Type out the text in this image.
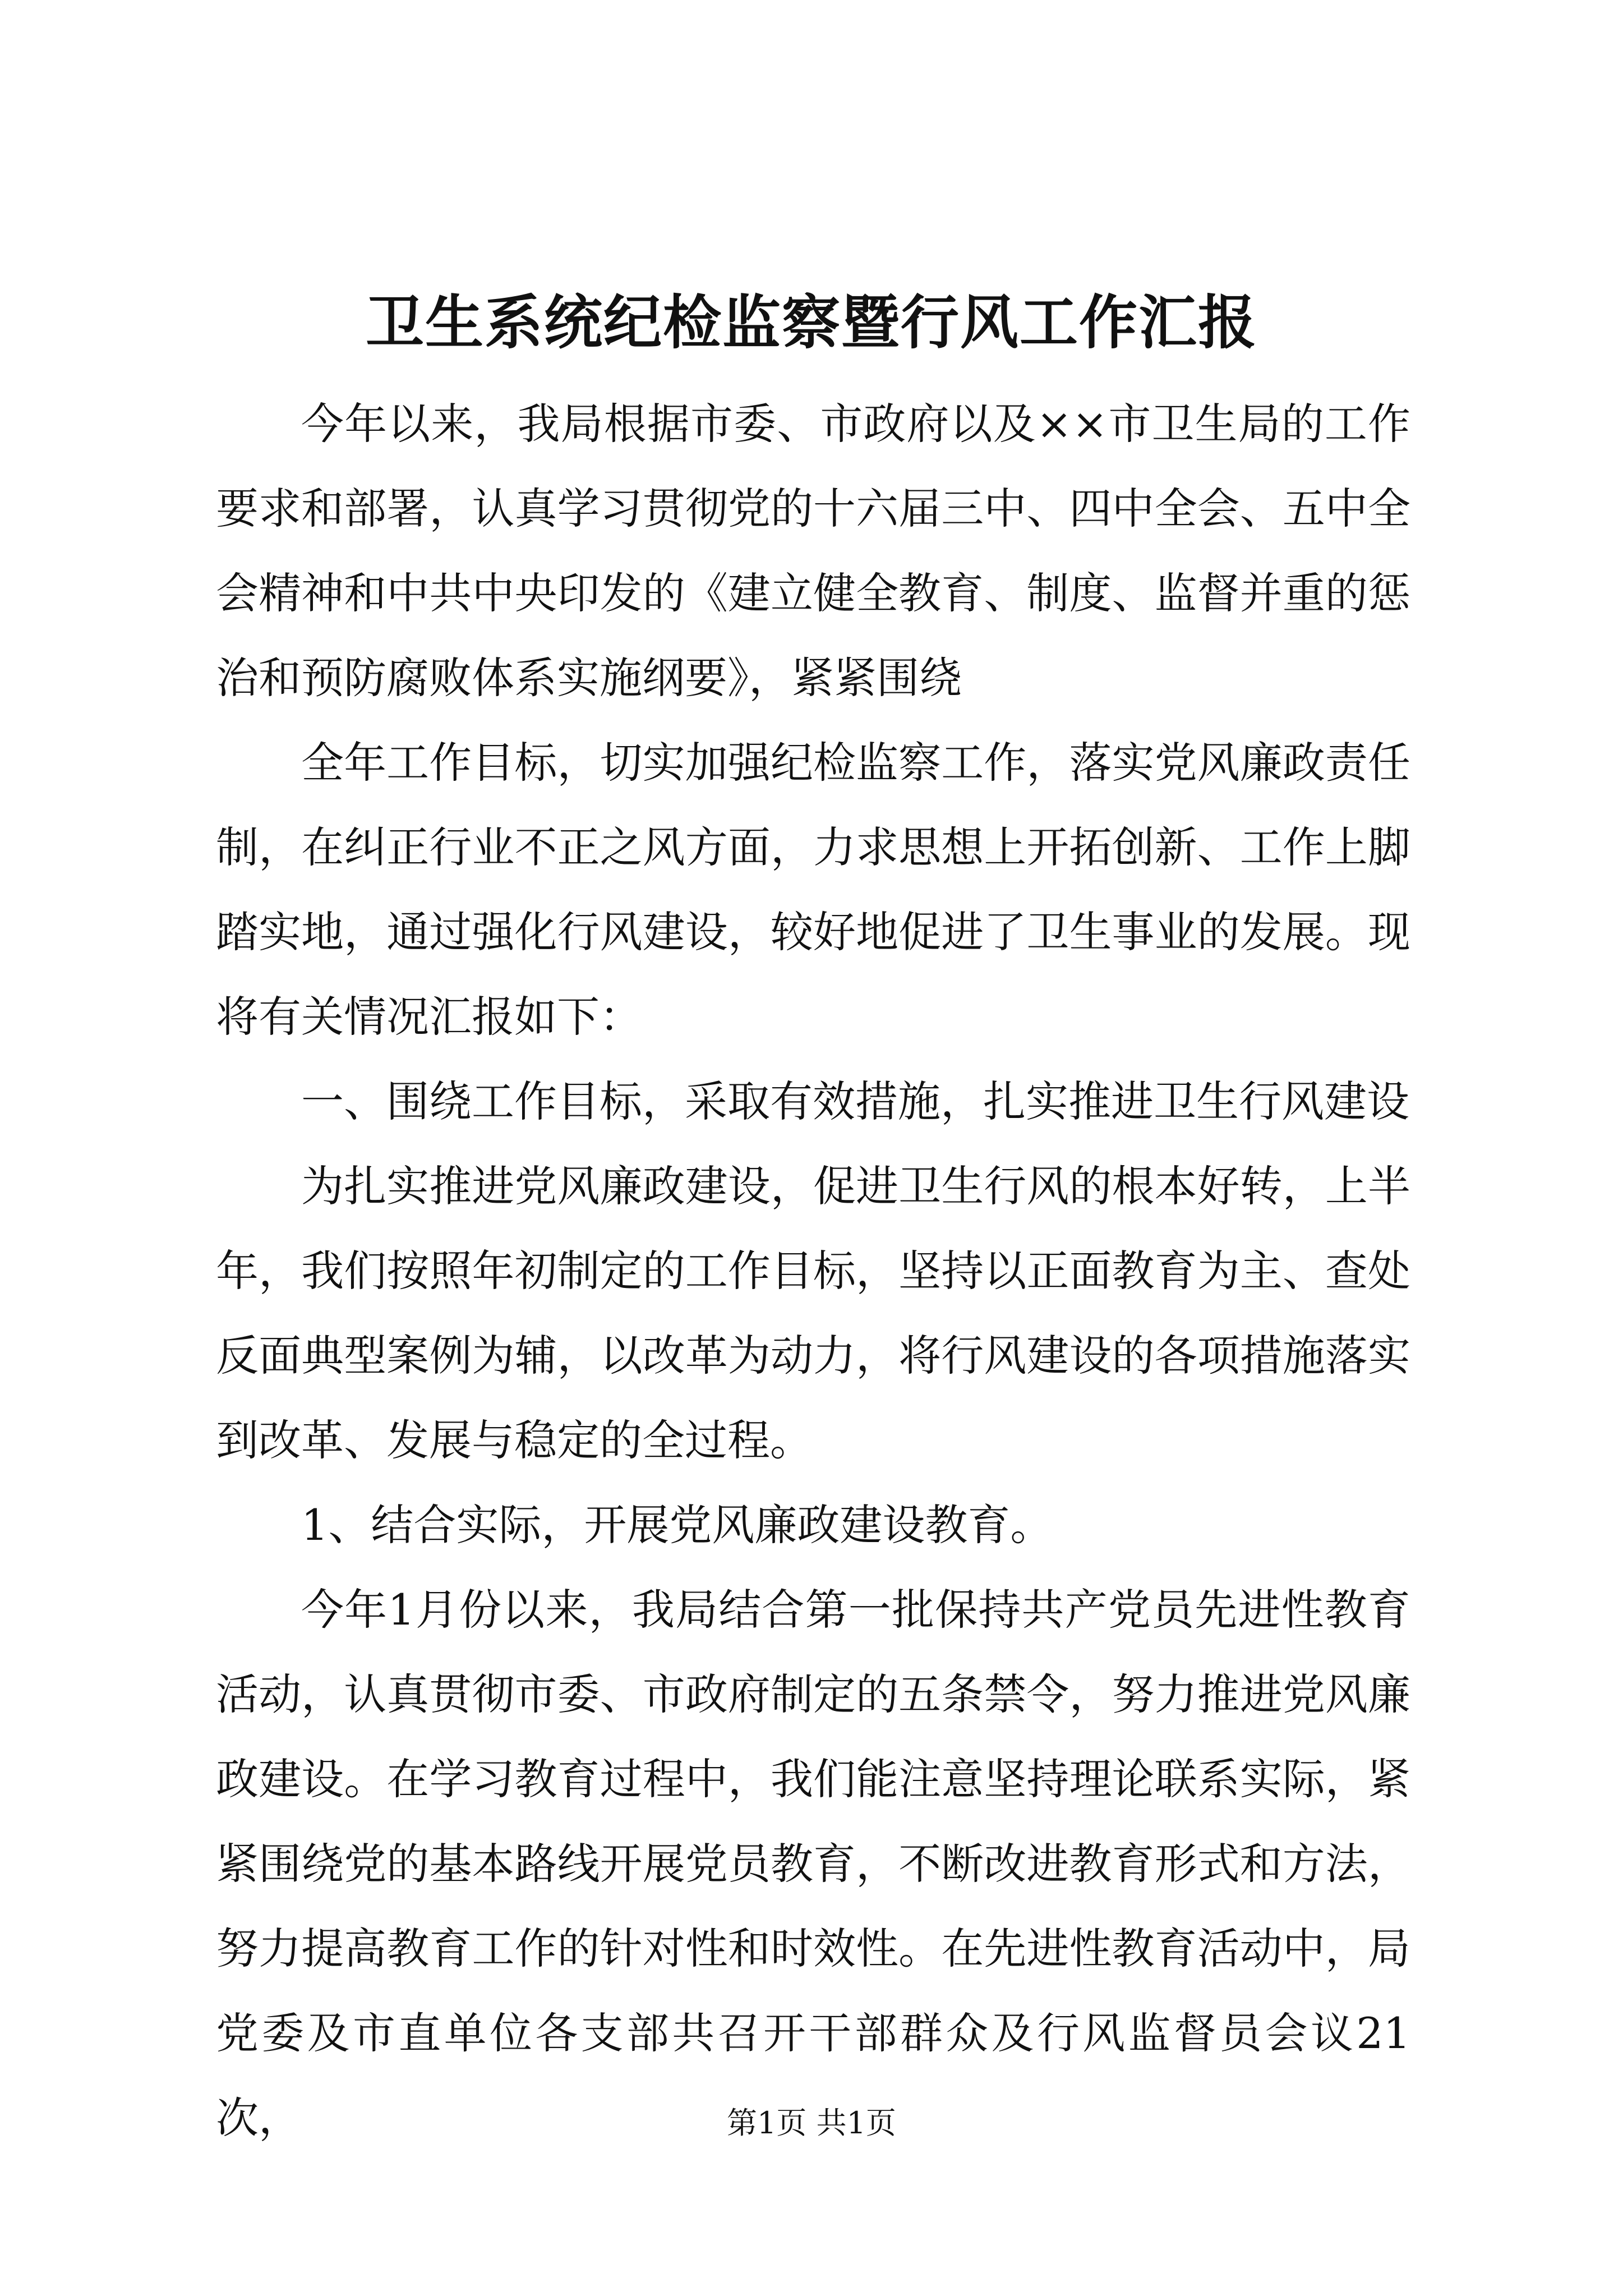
卫生系统纪检监察暨行风工作汇报

今年以来，我局根据市委、市政府以及××市卫生局的工作要求和部署，认真学习贯彻党的十六届三中、四中全会、五中全会精神和中共中央印发的《建立健全教育、制度、监督并重的惩治和预防腐败体系实施纲要》，紧紧围绕

全年工作目标，切实加强纪检监察工作，落实党风廉政责任制，在纠正行业不正之风方面，力求思想上开拓创新、工作上脚踏实地，通过强化行风建设，较好地促进了卫生事业的发展。现将有关情况汇报如下：

一、围绕工作目标，采取有效措施，扎实推进卫生行风建设

为扎实推进党风廉政建设，促进卫生行风的根本好转，上半年，我们按照年初制定的工作目标，坚持以正面教育为主、查处反面典型案例为辅，以改革为动力，将行风建设的各项措施落实到改革、发展与稳定的全过程。

1、结合实际，开展党风廉政建设教育。

今年1月份以来，我局结合第一批保持共产党员先进性教育活动，认真贯彻市委、市政府制定的五条禁令，努力推进党风廉政建设。在学习教育过程中，我们能注意坚持理论联系实际，紧紧围绕党的基本路线开展党员教育，不断改进教育形式和方法，努力提高教育工作的针对性和时效性。在先进性教育活动中，局党委及市直单位各支部共召开干部群众及行风监督员会议21次，	第1页 共1页
